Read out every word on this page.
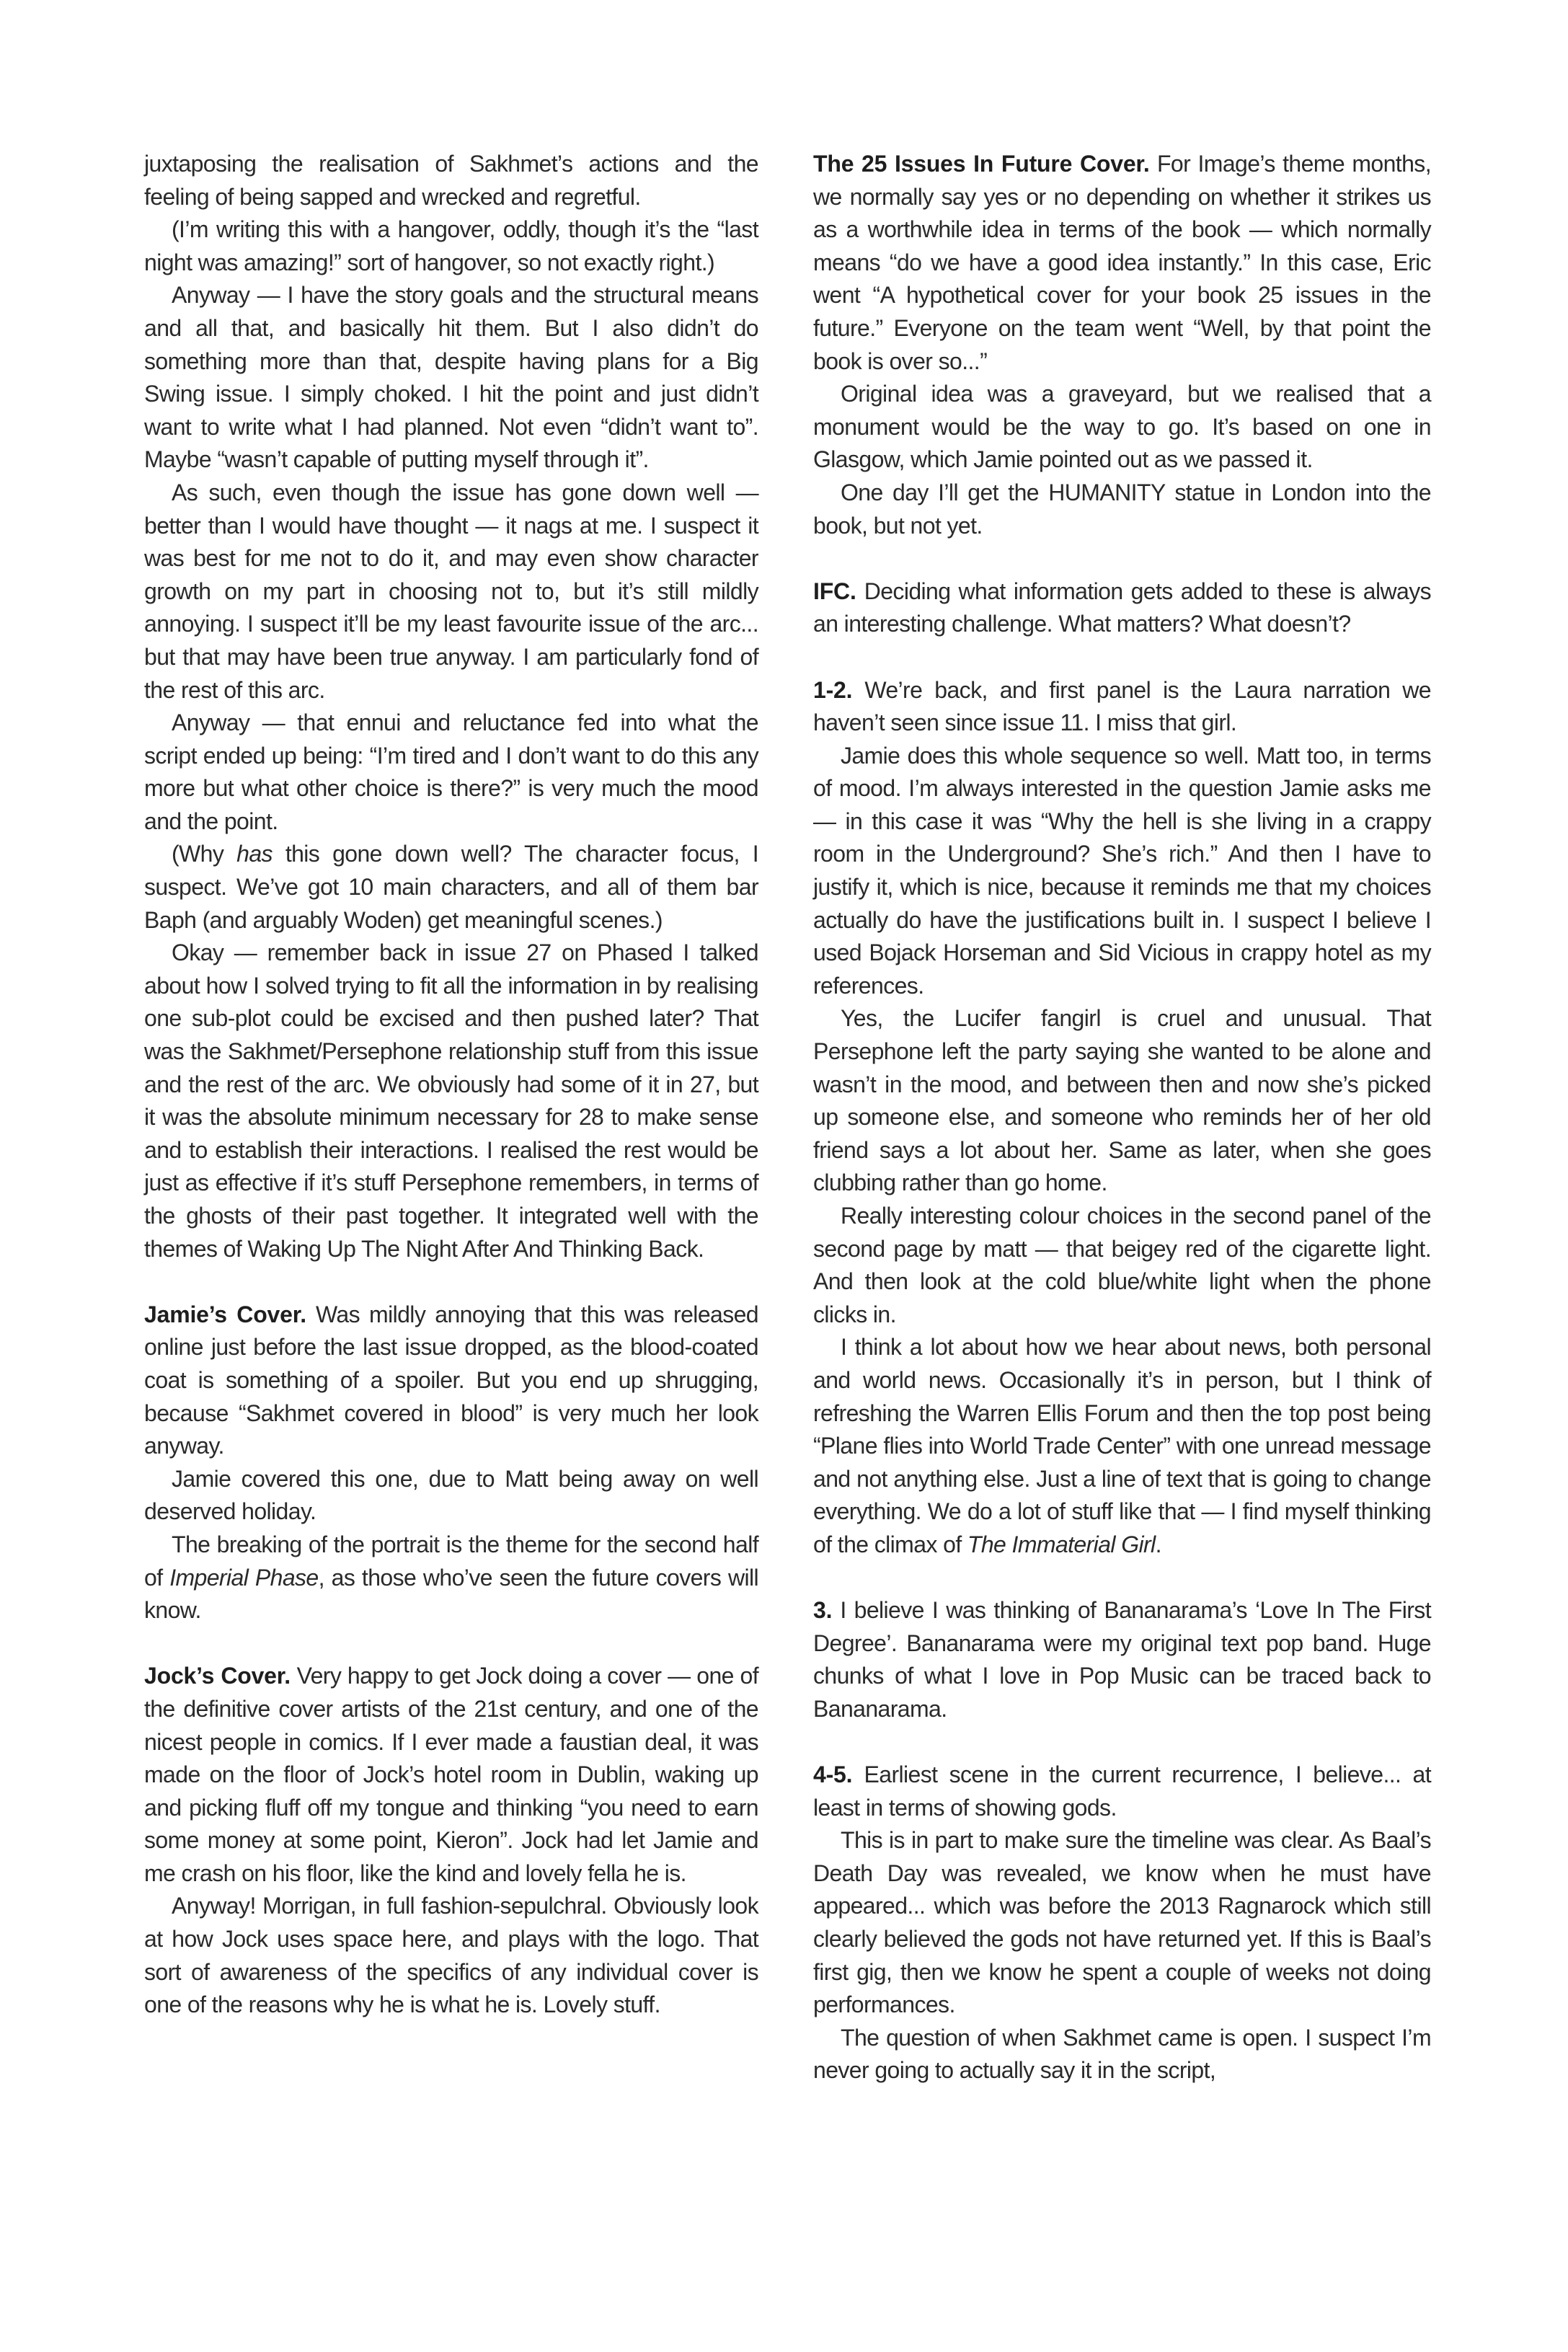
juxtaposing the realisation of Sakhmet’s actions and the feeling of being sapped and wrecked and regretful.

(I’m writing this with a hangover, oddly, though it’s the “last night was amazing!” sort of hangover, so not exactly right.)

Anyway — I have the story goals and the structural means and all that, and basically hit them. But I also didn’t do something more than that, despite having plans for a Big Swing issue. I simply choked. I hit the point and just didn’t want to write what I had planned. Not even “didn’t want to”. Maybe “wasn’t capable of putting myself through it”.

As such, even though the issue has gone down well — better than I would have thought — it nags at me. I suspect it was best for me not to do it, and may even show character growth on my part in choosing not to, but it’s still mildly annoying. I suspect it’ll be my least favourite issue of the arc... but that may have been true anyway. I am particularly fond of the rest of this arc.

Anyway — that ennui and reluctance fed into what the script ended up being: “I’m tired and I don’t want to do this any more but what other choice is there?” is very much the mood and the point.

(Why has this gone down well? The character focus, I suspect. We’ve got 10 main characters, and all of them bar Baph (and arguably Woden) get meaningful scenes.)

Okay — remember back in issue 27 on Phased I talked about how I solved trying to fit all the information in by realising one sub-plot could be excised and then pushed later? That was the Sakhmet/Persephone relationship stuff from this issue and the rest of the arc. We obviously had some of it in 27, but it was the absolute minimum necessary for 28 to make sense and to establish their interactions. I realised the rest would be just as effective if it’s stuff Persephone remembers, in terms of the ghosts of their past together. It integrated well with the themes of Waking Up The Night After And Thinking Back.

Jamie’s Cover. Was mildly annoying that this was released online just before the last issue dropped, as the blood-coated coat is something of a spoiler. But you end up shrugging, because “Sakhmet covered in blood” is very much her look anyway.

Jamie covered this one, due to Matt being away on well deserved holiday.

The breaking of the portrait is the theme for the second half of Imperial Phase, as those who’ve seen the future covers will know.

Jock’s Cover. Very happy to get Jock doing a cover — one of the definitive cover artists of the 21st century, and one of the nicest people in comics. If I ever made a faustian deal, it was made on the floor of Jock’s hotel room in Dublin, waking up and picking fluff off my tongue and thinking “you need to earn some money at some point, Kieron”. Jock had let Jamie and me crash on his floor, like the kind and lovely fella he is.

Anyway! Morrigan, in full fashion-sepulchral. Obviously look at how Jock uses space here, and plays with the logo. That sort of awareness of the specifics of any individual cover is one of the reasons why he is what he is. Lovely stuff.

The 25 Issues In Future Cover. For Image’s theme months, we normally say yes or no depending on whether it strikes us as a worthwhile idea in terms of the book — which normally means “do we have a good idea instantly.” In this case, Eric went “A hypothetical cover for your book 25 issues in the future.” Everyone on the team went “Well, by that point the book is over so...”

Original idea was a graveyard, but we realised that a monument would be the way to go. It’s based on one in Glasgow, which Jamie pointed out as we passed it.

One day I’ll get the HUMANITY statue in London into the book, but not yet.

IFC. Deciding what information gets added to these is always an interesting challenge. What matters? What doesn’t?

1-2. We’re back, and first panel is the Laura narration we haven’t seen since issue 11. I miss that girl.

Jamie does this whole sequence so well. Matt too, in terms of mood. I’m always interested in the question Jamie asks me — in this case it was “Why the hell is she living in a crappy room in the Underground? She’s rich.” And then I have to justify it, which is nice, because it reminds me that my choices actually do have the justifications built in. I suspect I believe I used Bojack Horseman and Sid Vicious in crappy hotel as my references.

Yes, the Lucifer fangirl is cruel and unusual. That Persephone left the party saying she wanted to be alone and wasn’t in the mood, and between then and now she’s picked up someone else, and someone who reminds her of her old friend says a lot about her. Same as later, when she goes clubbing rather than go home.

Really interesting colour choices in the second panel of the second page by matt — that beigey red of the cigarette light. And then look at the cold blue/white light when the phone clicks in.

I think a lot about how we hear about news, both personal and world news. Occasionally it’s in person, but I think of refreshing the Warren Ellis Forum and then the top post being “Plane flies into World Trade Center” with one unread message and not anything else. Just a line of text that is going to change everything. We do a lot of stuff like that — I find myself thinking of the climax of The Immaterial Girl.

3. I believe I was thinking of Bananarama’s ‘Love In The First Degree’. Bananarama were my original text pop band. Huge chunks of what I love in Pop Music can be traced back to Bananarama.

4-5. Earliest scene in the current recurrence, I believe... at least in terms of showing gods.

This is in part to make sure the timeline was clear. As Baal’s Death Day was revealed, we know when he must have appeared... which was before the 2013 Ragnarock which still clearly believed the gods not have returned yet. If this is Baal’s first gig, then we know he spent a couple of weeks not doing performances.

The question of when Sakhmet came is open. I suspect I’m never going to actually say it in the script,
